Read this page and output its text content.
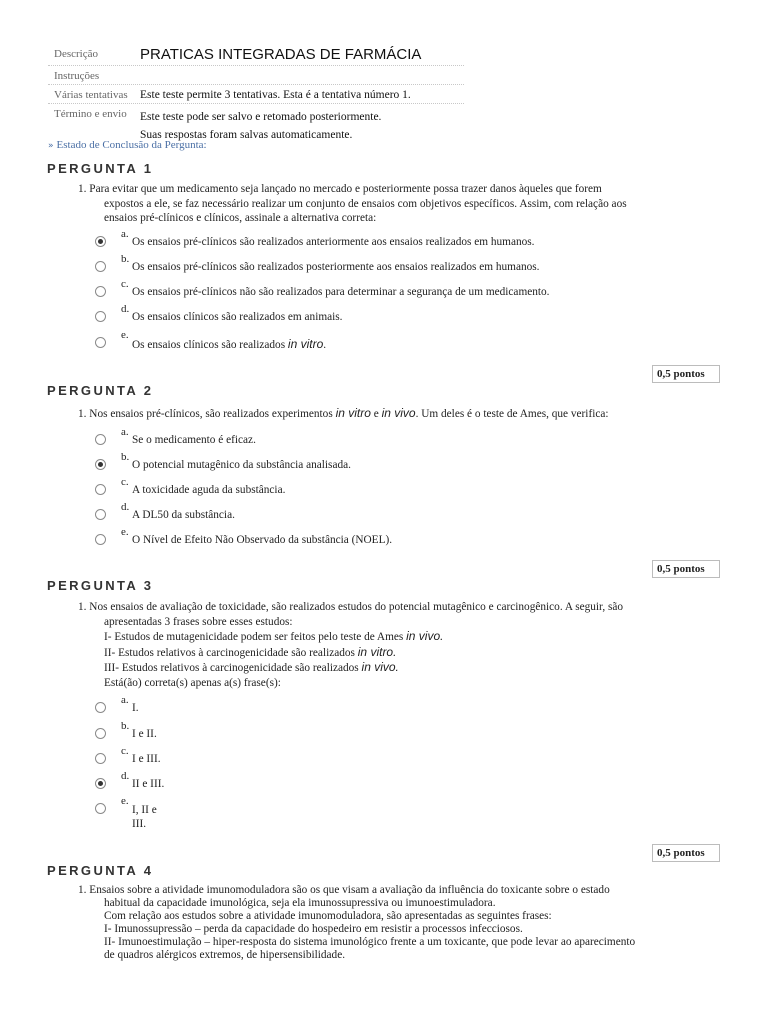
Descrição	PRATICAS INTEGRADAS DE FARMÁCIA
Instruções

Várias tentativas	Este teste permite 3 tentativas. Esta é a tentativa número 1.
Término e envio	Este teste pode ser salvo e retomado posteriormente.
Suas respostas foram salvas automaticamente.
» Estado de Conclusão da Pergunta:
PERGUNTA 1
1. Para evitar que um medicamento seja lançado no mercado e posteriormente possa trazer danos àqueles que forem
expostos a ele, se faz necessário realizar um conjunto de ensaios com objetivos específicos. Assim, com relação aos
ensaios pré-clínicos e clínicos, assinale a alternativa correta:
a.
Os ensaios pré-clínicos são realizados anteriormente aos ensaios realizados em humanos.
b.
Os ensaios pré-clínicos são realizados posteriormente aos ensaios realizados em humanos.
c.
Os ensaios pré-clínicos não são realizados para determinar a segurança de um medicamento.
d.
Os ensaios clínicos são realizados em animais.
e.
Os ensaios clínicos são realizados in vitro.
0,5 pontos
PERGUNTA 2
1. Nos ensaios pré-clínicos, são realizados experimentos in vitro e in vivo. Um deles é o teste de Ames, que verifica:
a.
Se o medicamento é eficaz.
b.
O potencial mutagênico da substância analisada.
c.
A toxicidade aguda da substância.
d.
A DL50 da substância.
e.
O Nível de Efeito Não Observado da substância (NOEL).
0,5 pontos
PERGUNTA 3
1. Nos ensaios de avaliação de toxicidade, são realizados estudos do potencial mutagênico e carcinogênico. A seguir, são
apresentadas 3 frases sobre esses estudos:
I- Estudos de mutagenicidade podem ser feitos pelo teste de Ames in vivo.
II- Estudos relativos à carcinogenicidade são realizados in vitro.
III- Estudos relativos à carcinogenicidade são realizados in vivo.
Está(ão) correta(s) apenas a(s) frase(s):
a.
I.
b.
I e II.
c.
I e III.
d.
II e III.
e.
I, II e
III.
0,5 pontos
PERGUNTA 4
1. Ensaios sobre a atividade imunomoduladora são os que visam a avaliação da influência do toxicante sobre o estado
habitual da capacidade imunológica, seja ela imunossupressiva ou imunoestimuladora.
Com relação aos estudos sobre a atividade imunomoduladora, são apresentadas as seguintes frases:
I- Imunossupressão – perda da capacidade do hospedeiro em resistir a processos infecciosos.
II- Imunoestimulação – hiper-resposta do sistema imunológico frente a um toxicante, que pode levar ao aparecimento
de quadros alérgicos extremos, de hipersensibilidade.
